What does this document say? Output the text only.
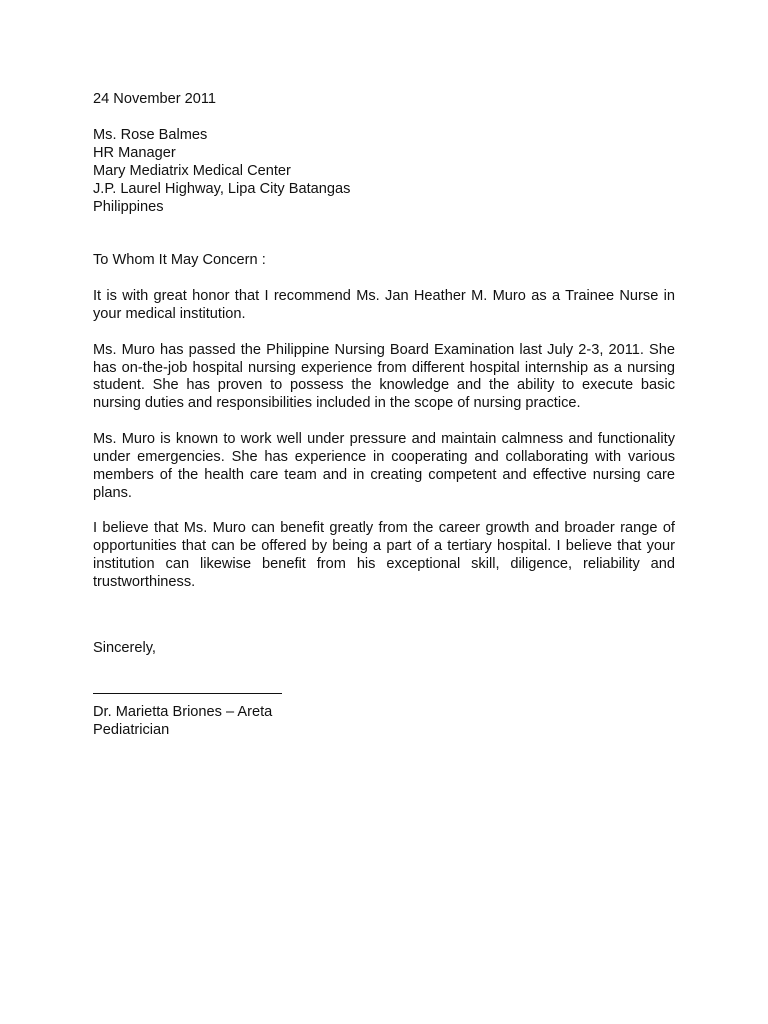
24 November 2011
Ms. Rose Balmes
HR Manager
Mary Mediatrix Medical Center
J.P. Laurel Highway, Lipa City Batangas
Philippines
To Whom It May Concern :

It is with great honor that I recommend Ms. Jan Heather M. Muro as a Trainee Nurse in your medical institution.

Ms. Muro has passed the Philippine Nursing Board Examination last July 2-3, 2011. She has on-the-job hospital nursing experience from different hospital internship as a nursing student. She has proven to possess the knowledge and the ability to execute basic nursing duties and responsibilities included in the scope of nursing practice.

Ms. Muro is known to work well under pressure and maintain calmness and functionality under emergencies. She has experience in cooperating and collaborating with various members of the health care team and in creating competent and effective nursing care plans.

I believe that Ms. Muro can benefit greatly from the career growth and broader range of opportunities that can be offered by being a part of a tertiary hospital. I believe that your institution can likewise benefit from his exceptional skill, diligence, reliability and trustworthiness.

Sincerely,
Dr. Marietta Briones – Areta
Pediatrician
